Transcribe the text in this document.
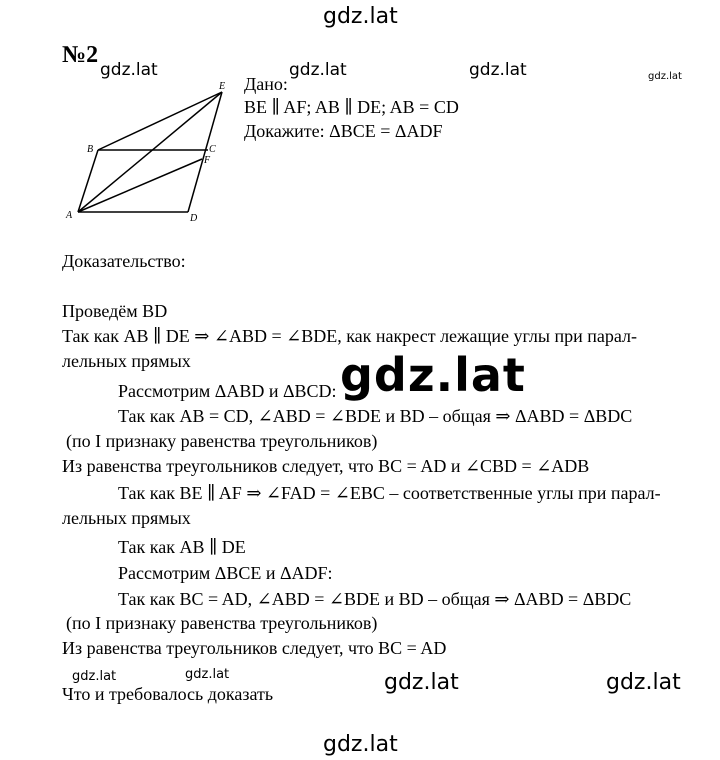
gdz.lat
gdz.lat	gdz.lat	gdz.lat	gdz.lat
gdz.lat
gdz.lat	gdz.lat	gdz.lat	gdz.lat
gdz.lat
№2
E
B	C
F
A	D
Дано:
BE ∥ AF; AB ∥ DE; AB = CD
Докажите: ΔBCE = ΔADF
Доказательство:
Проведём BD
Так как AB ∥ DE ⇒ ∠ABD = ∠BDE, как накрест лежащие углы при парал-
лельных прямых
Рассмотрим ΔABD и ΔBCD:
Так как AB = CD, ∠ABD = ∠BDE и BD – общая ⇒ ΔABD = ΔBDC
(по I признаку равенства треугольников)
Из равенства треугольников следует, что BC = AD и ∠CBD = ∠ADB
Так как BE ∥ AF ⇒ ∠FAD = ∠EBC – соответственные углы при парал-
лельных прямых
Так как AB ∥ DE
Рассмотрим ΔBCE и ΔADF:
Так как BC = AD, ∠ABD = ∠BDE и BD – общая ⇒ ΔABD = ΔBDC
(по I признаку равенства треугольников)
Из равенства треугольников следует, что BC = AD
Что и требовалось доказать
